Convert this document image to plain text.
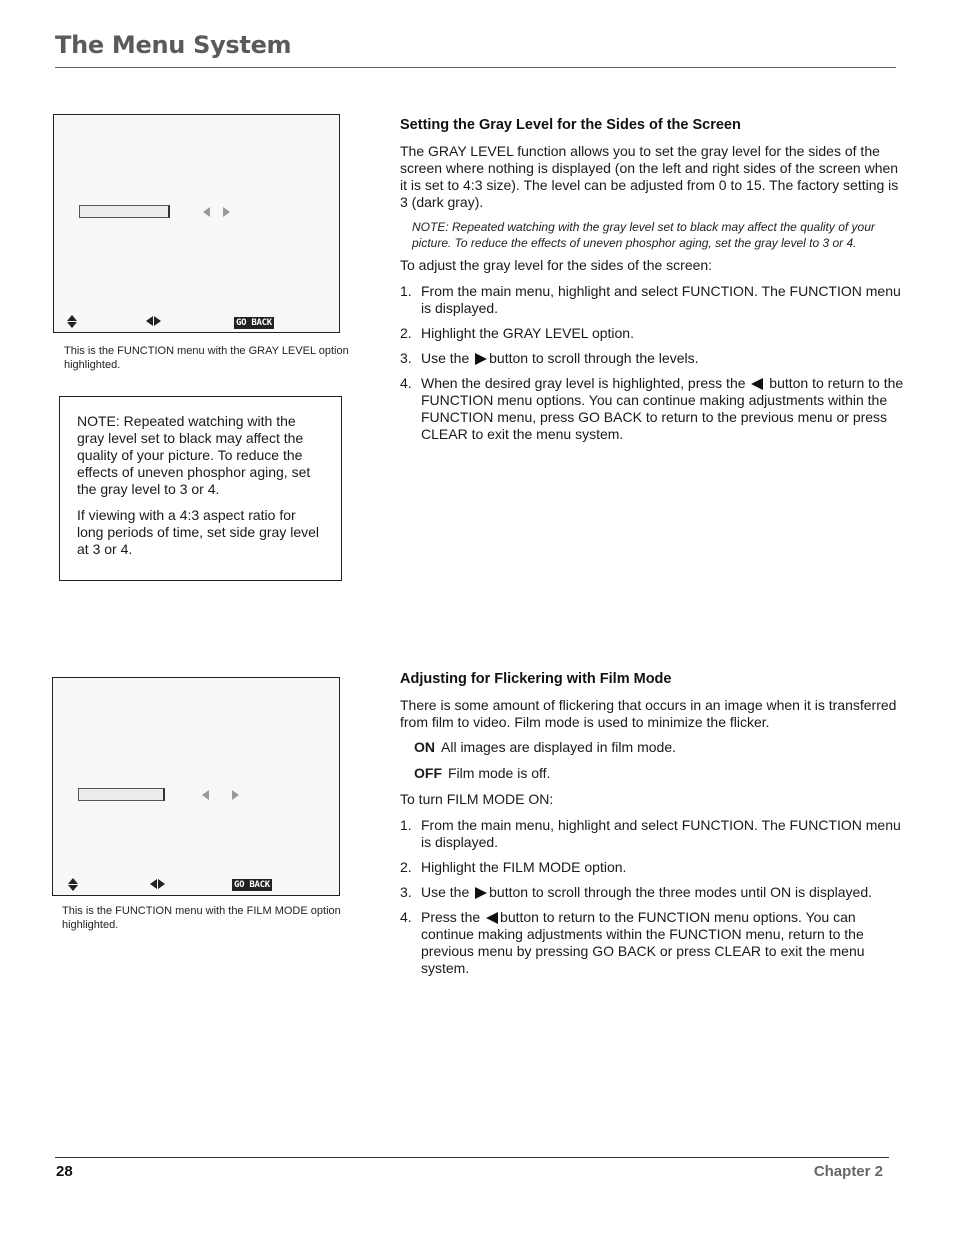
The Menu System
GO BACK
This is the FUNCTION menu with the GRAY LEVEL option highlighted.

NOTE: Repeated watching with the gray level set to black may affect the quality of your picture. To reduce the effects of uneven phosphor aging, set the gray level to 3 or 4.

If viewing with a 4:3 aspect ratio for long periods of time, set side gray level at 3 or 4.

Setting the Gray Level for the Sides of the Screen

The GRAY LEVEL function allows you to set the gray level for the sides of the screen where nothing is displayed (on the left and right sides of the screen when it is set to 4:3 size). The level can be adjusted from 0 to 15. The factory setting is 3 (dark gray).

NOTE: Repeated watching with the gray level set to black may affect the quality of your picture. To reduce the effects of uneven phosphor aging, set the gray level to 3 or 4.

To adjust the gray level for the sides of the screen:

1. From the main menu, highlight and select FUNCTION. The FUNCTION menu is displayed.
2. Highlight the GRAY LEVEL option.
3. Use the button to scroll through the levels.
4. When the desired gray level is highlighted, press the button to return to the FUNCTION menu options. You can continue making adjustments within the FUNCTION menu, press GO BACK to return to the previous menu or press CLEAR to exit the menu system.
GO BACK
This is the FUNCTION menu with the FILM MODE option highlighted.
Adjusting for Flickering with Film Mode

There is some amount of flickering that occurs in an image when it is transferred from film to video. Film mode is used to minimize the flicker.

ON All images are displayed in film mode.

OFF Film mode is off.

To turn FILM MODE ON:

1. From the main menu, highlight and select FUNCTION. The FUNCTION menu is displayed.
2. Highlight the FILM MODE option.
3. Use the button to scroll through the three modes until ON is displayed.
4. Press the button to return to the FUNCTION menu options. You can continue making adjustments within the FUNCTION menu, return to the previous menu by pressing GO BACK or press CLEAR to exit the menu system.
28	Chapter 2
